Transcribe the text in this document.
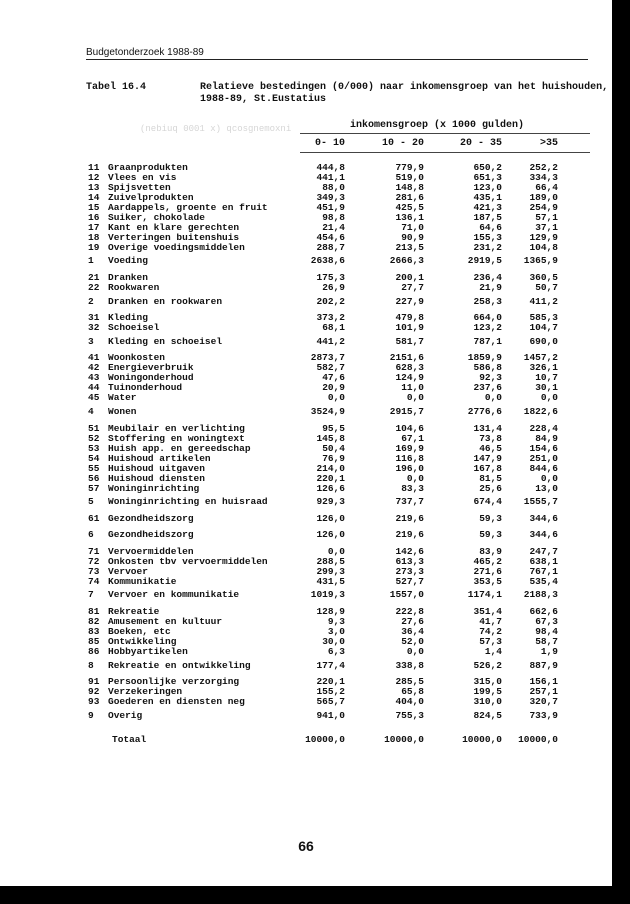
Budgetonderzoek 1988-89
Tabel 16.4	Relatieve bestedingen (0/000) naar inkomensgroep van het huishouden,
1988-89, St.Eustatius
(nebiuq 0001 x) qcosgnemoxni	inkomensgroep (x 1000 gulden)
0- 10	10 - 20	20 - 35	>35
11 Graanprodukten	444,8	779,9	650,2	252,2
12 Vlees en vis	441,1	519,0	651,3	334,3
13 Spijsvetten	88,0	148,8	123,0	66,4
14 Zuivelprodukten	349,3	281,6	435,1	189,0
15 Aardappels, groente en fruit	451,9	425,5	421,3	254,9
16 Suiker, chokolade	98,8	136,1	187,5	57,1
17 Kant en klare gerechten	21,4	71,0	64,6	37,1
18 Verteringen buitenshuis	454,6	90,9	155,3	129,9
19 Overige voedingsmiddelen	288,7	213,5	231,2	104,8
1 Voeding	2638,6	2666,3	2919,5	1365,9
21 Dranken	175,3	200,1	236,4	360,5
22 Rookwaren	26,9	27,7	21,9	50,7
2 Dranken en rookwaren	202,2	227,9	258,3	411,2
31 Kleding	373,2	479,8	664,0	585,3
32 Schoeisel	68,1	101,9	123,2	104,7
3 Kleding en schoeisel	441,2	581,7	787,1	690,0
41 Woonkosten	2873,7	2151,6	1859,9	1457,2
42 Energieverbruik	582,7	628,3	586,8	326,1
43 Woningonderhoud	47,6	124,9	92,3	10,7
44 Tuinonderhoud	20,9	11,0	237,6	30,1
45 Water	0,0	0,0	0,0	0,0
4 Wonen	3524,9	2915,7	2776,6	1822,6
51 Meubilair en verlichting	95,5	104,6	131,4	228,4
52 Stoffering en woningtext	145,8	67,1	73,8	84,9
53 Huish app. en gereedschap	50,4	169,9	46,5	154,6
54 Huishoud artikelen	76,9	116,8	147,9	251,0
55 Huishoud uitgaven	214,0	196,0	167,8	844,6
56 Huishoud diensten	220,1	0,0	81,5	0,0
57 Woninginrichting	126,6	83,3	25,6	13,0
5 Woninginrichting en huisraad	929,3	737,7	674,4	1555,7
61 Gezondheidszorg	126,0	219,6	59,3	344,6
6 Gezondheidszorg	126,0	219,6	59,3	344,6
71 Vervoermiddelen	0,0	142,6	83,9	247,7
72 Onkosten tbv vervoermiddelen	288,5	613,3	465,2	638,1
73 Vervoer	299,3	273,3	271,6	767,1
74 Kommunikatie	431,5	527,7	353,5	535,4
7 Vervoer en kommunikatie	1019,3	1557,0	1174,1	2188,3
81 Rekreatie	128,9	222,8	351,4	662,6
82 Amusement en kultuur	9,3	27,6	41,7	67,3
83 Boeken, etc	3,0	36,4	74,2	98,4
85 Ontwikkeling	30,0	52,0	57,3	58,7
86 Hobbyartikelen	6,3	0,0	1,4	1,9
8 Rekreatie en ontwikkeling	177,4	338,8	526,2	887,9
91 Persoonlijke verzorging	220,1	285,5	315,0	156,1
92 Verzekeringen	155,2	65,8	199,5	257,1
93 Goederen en diensten neg	565,7	404,0	310,0	320,7
9 Overig	941,0	755,3	824,5	733,9
Totaal	10000,0	10000,0	10000,0	10000,0
66
